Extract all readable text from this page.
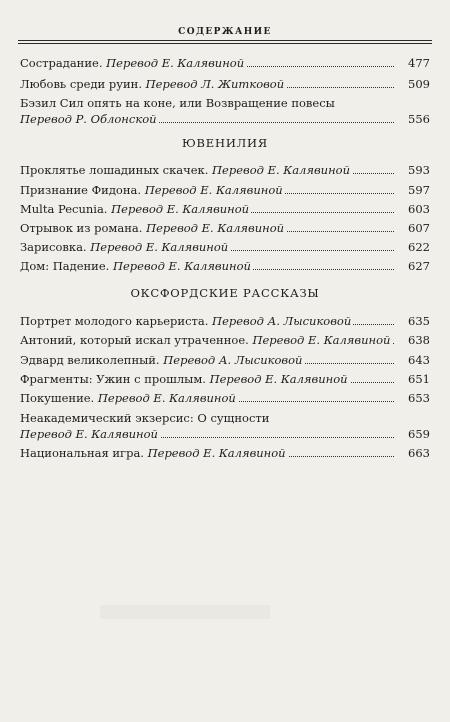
СОДЕРЖАНИЕ
Сострадание. Перевод Е. Калявиной	477
Любовь среди руин. Перевод Л. Житковой	509
Бэзил Сил опять на коне, или Возвращение повесы
Перевод Р. Облонской	556
ЮВЕНИЛИЯ
Проклятье лошадиных скачек. Перевод Е. Калявиной	593
Признание Фидона. Перевод Е. Калявиной	597
Multa Pecunia. Перевод Е. Калявиной	603
Отрывок из романа. Перевод Е. Калявиной	607
Зарисовка. Перевод Е. Калявиной	622
Дом: Падение. Перевод Е. Калявиной	627
ОКСФОРДСКИЕ РАССКАЗЫ
Портрет молодого карьериста. Перевод А. Лысиковой	635
Антоний, который искал утраченное. Перевод Е. Калявиной	638
Эдвард великолепный. Перевод А. Лысиковой	643
Фрагменты: Ужин с прошлым. Перевод Е. Калявиной	651
Покушение. Перевод Е. Калявиной	653
Неакадемический экзерсис: О сущности
Перевод Е. Калявиной	659
Национальная игра. Перевод Е. Калявиной	663
